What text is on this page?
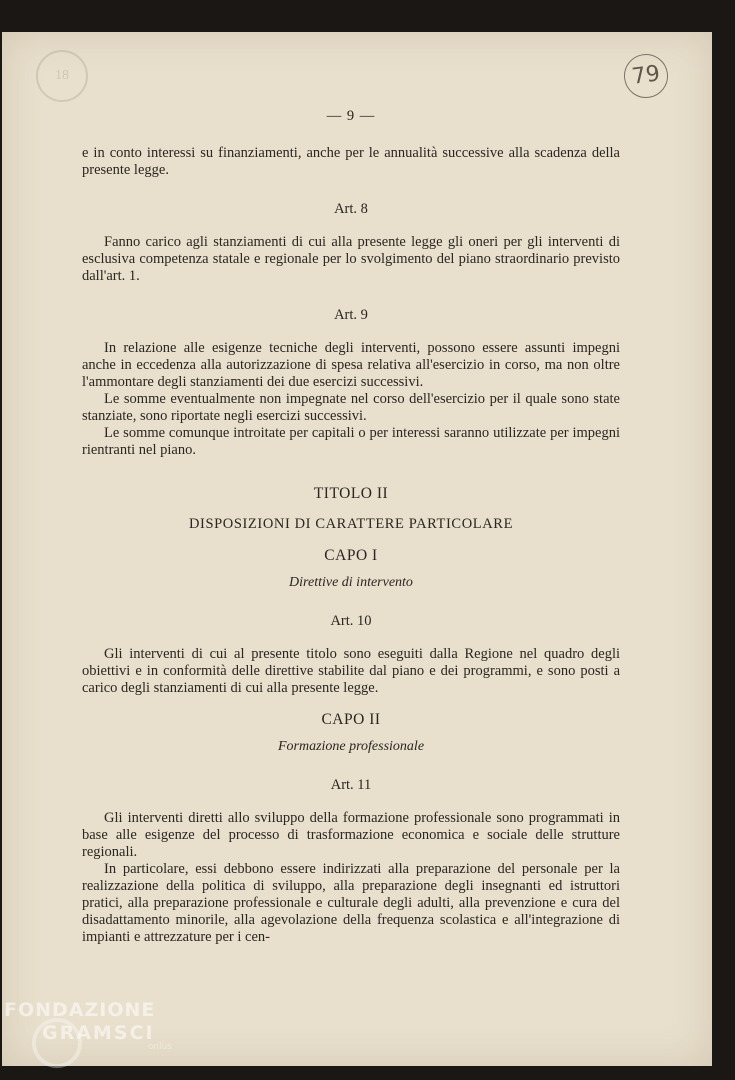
18	79
— 9 —

e in conto interessi su finanziamenti, anche per le annualità successive alla scadenza della presente legge.

Art. 8

Fanno carico agli stanziamenti di cui alla presente legge gli oneri per gli interventi di esclusiva competenza statale e regionale per lo svolgimento del piano straordinario previsto dall'art. 1.

Art. 9

In relazione alle esigenze tecniche degli interventi, possono essere assunti impegni anche in eccedenza alla autorizzazione di spesa relativa all'esercizio in corso, ma non oltre l'ammontare degli stanziamenti dei due esercizi successivi.

Le somme eventualmente non impegnate nel corso dell'esercizio per il quale sono state stanziate, sono riportate negli esercizi successivi.

Le somme comunque introitate per capitali o per interessi saranno utilizzate per impegni rientranti nel piano.

TITOLO II
DISPOSIZIONI DI CARATTERE PARTICOLARE
CAPO I
Direttive di intervento
Art. 10

Gli interventi di cui al presente titolo sono eseguiti dalla Regione nel quadro degli obiettivi e in conformità delle direttive stabilite dal piano e dei programmi, e sono posti a carico degli stanziamenti di cui alla presente legge.

CAPO II
Formazione professionale
Art. 11

Gli interventi diretti allo sviluppo della formazione professionale sono programmati in base alle esigenze del processo di trasformazione economica e sociale delle strutture regionali.

In particolare, essi debbono essere indirizzati alla preparazione del personale per la realizzazione della politica di sviluppo, alla preparazione degli insegnanti ed istruttori pratici, alla preparazione professionale e culturale degli adulti, alla prevenzione e cura del disadattamento minorile, alla agevolazione della frequenza scolastica e all'integrazione di impianti e attrezzature per i cen-

FONDAZIONE
GRAMSCI
onlus
